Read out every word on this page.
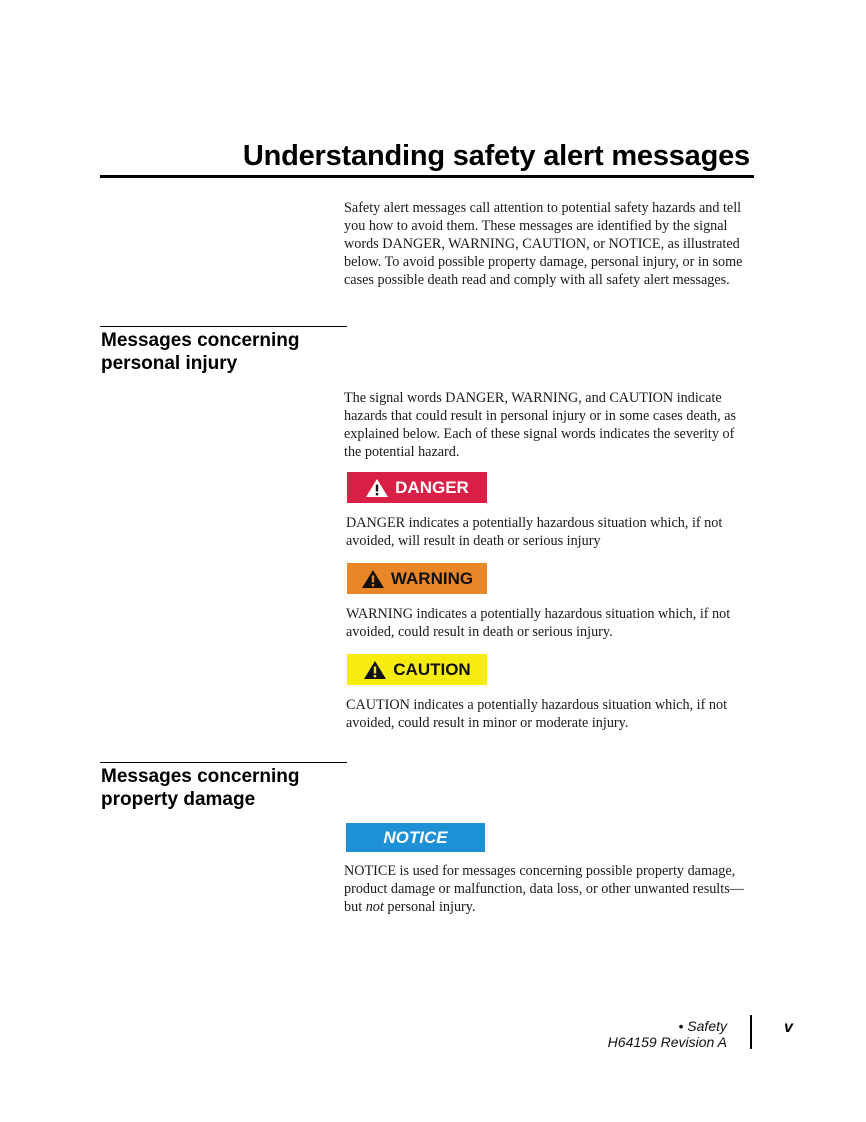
Understanding safety alert messages
Safety alert messages call attention to potential safety hazards and tell you how to avoid them. These messages are identified by the signal words DANGER, WARNING, CAUTION, or NOTICE, as illustrated below. To avoid possible property damage, personal injury, or in some cases possible death read and comply with all safety alert messages.
Messages concerning
personal injury
The signal words DANGER, WARNING, and CAUTION indicate hazards that could result in personal injury or in some cases death, as explained below. Each of these signal words indicates the severity of the potential hazard.
DANGER
DANGER indicates a potentially hazardous situation which, if not avoided, will result in death or serious injury
WARNING
WARNING indicates a potentially hazardous situation which, if not avoided, could result in death or serious injury.
CAUTION
CAUTION indicates a potentially hazardous situation which, if not avoided, could result in minor or moderate injury.
Messages concerning
property damage
NOTICE
NOTICE is used for messages concerning possible property damage, product damage or malfunction, data loss, or other unwanted results—but not personal injury.
• Safety
H64159 Revision A
v
